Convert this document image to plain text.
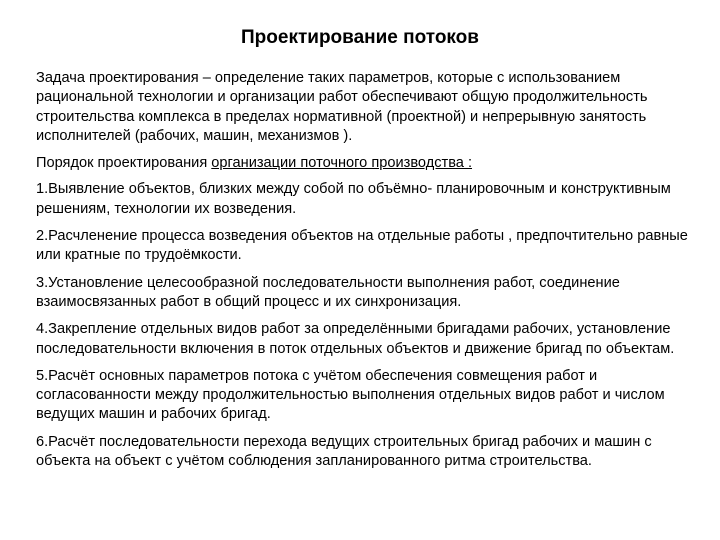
Проектирование потоков

Задача проектирования – определение таких параметров, которые с использованием рациональной технологии и организации работ обеспечивают общую продолжительность строительства комплекса в пределах нормативной (проектной) и непрерывную занятость исполнителей (рабочих, машин, механизмов ).

Порядок проектирования организации поточного производства :

1.Выявление объектов, близких между собой по объёмно- планировочным и конструктивным решениям, технологии их возведения.

2.Расчленение процесса возведения объектов на отдельные работы , предпочтительно равные или кратные по трудоёмкости.

3.Установление целесообразной последовательности выполнения работ, соединение взаимосвязанных работ в общий процесс и их синхронизация.

4.Закрепление отдельных видов работ за определёнными бригадами рабочих, установление последовательности включения в поток отдельных объектов и движение бригад по объектам.

5.Расчёт основных параметров потока с учётом обеспечения совмещения работ и согласованности между продолжительностью выполнения отдельных видов работ и числом ведущих машин и рабочих бригад.

6.Расчёт последовательности перехода ведущих строительных бригад рабочих и машин с объекта на объект с учётом соблюдения запланированного ритма строительства.
